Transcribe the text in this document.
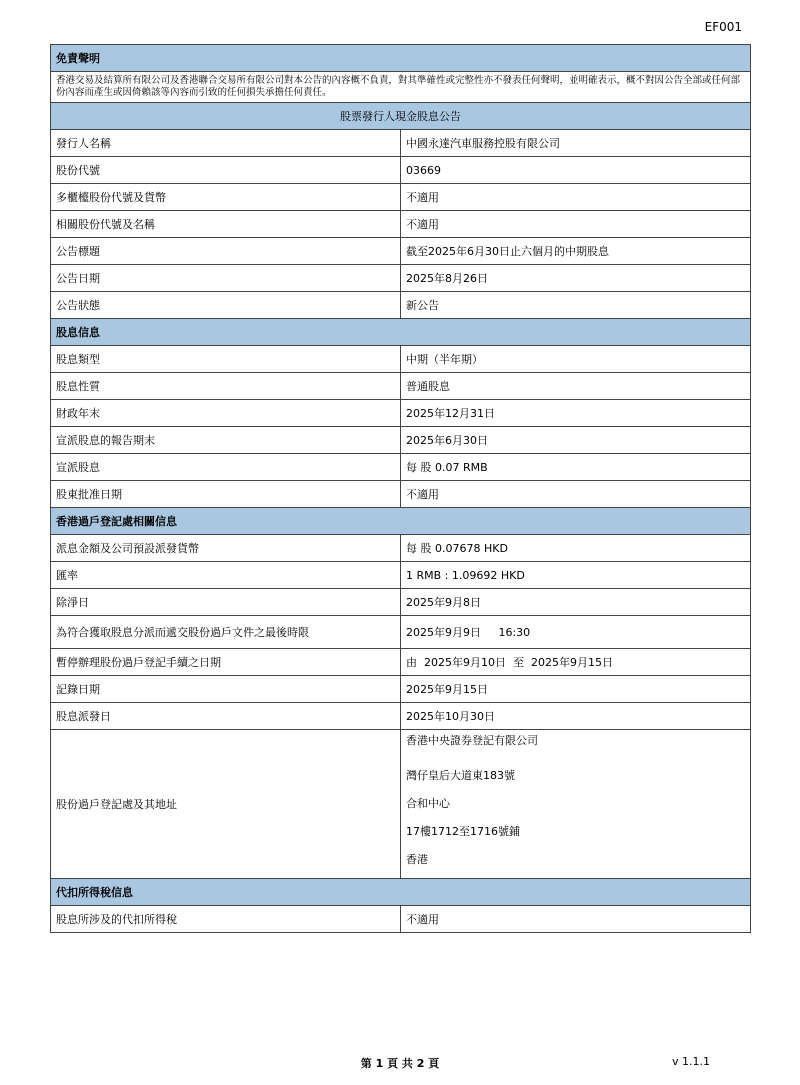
EF001
免責聲明	
香港交易及結算所有限公司及香港聯合交易所有限公司對本公告的內容概不負責，對其準確性或完整性亦不發表任何聲明，並明確表示，概不對因公告全部或任何部份內容而產生或因倚賴該等內容而引致的任何損失承擔任何責任。	
股票發行人現金股息公告	
發行人名稱	中國永達汽車服務控股有限公司
股份代號	03669
多櫃檯股份代號及貨幣	不適用
相關股份代號及名稱	不適用
公告標題	截至2025年6月30日止六個月的中期股息
公告日期	2025年8月26日
公告狀態	新公告
股息信息	
股息類型	中期（半年期）
股息性質	普通股息
財政年末	2025年12月31日
宣派股息的報告期末	2025年6月30日
宣派股息	每 股 0.07 RMB
股東批准日期	不適用
香港過戶登記處相關信息	
派息金額及公司預設派發貨幣	每 股 0.07678 HKD
匯率	1 RMB : 1.09692 HKD
除淨日	2025年9月8日
為符合獲取股息分派而遞交股份過戶文件之最後時限	2025年9月9日     16:30
暫停辦理股份過戶登記手續之日期	由  2025年9月10日  至  2025年9月15日
記錄日期	2025年9月15日
股息派發日	2025年10月30日
股份過戶登記處及其地址	香港中央證券登記有限公司
灣仔皇后大道東183號
合和中心
17樓1712至1716號鋪
香港

代扣所得稅信息	
股息所涉及的代扣所得稅	不適用
第 1 頁 共 2 頁	v 1.1.1
